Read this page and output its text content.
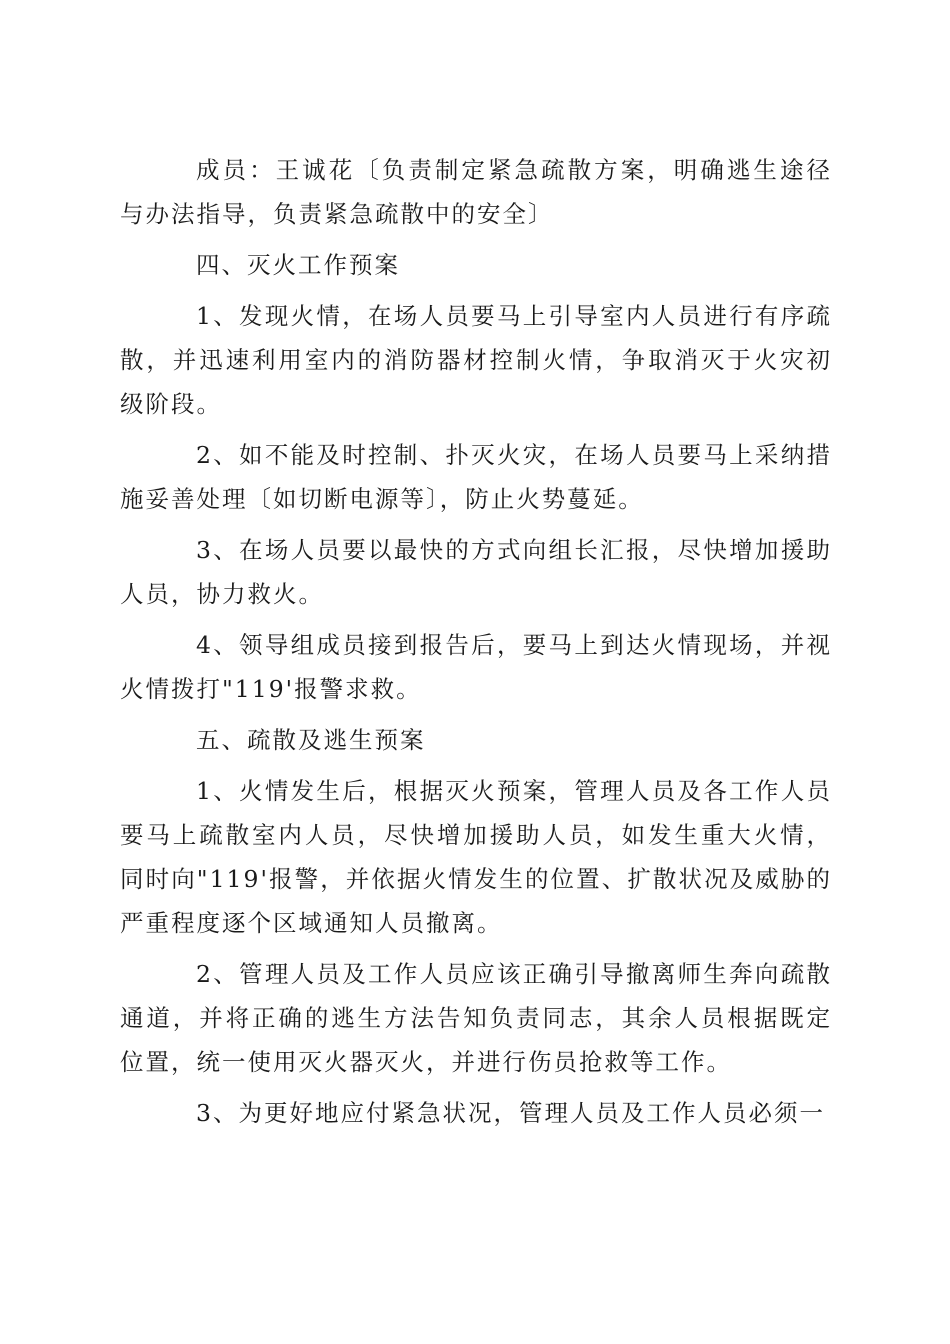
成员：王诚花〔负责制定紧急疏散方案，明确逃生途径与办法指导，负责紧急疏散中的安全〕

四、灭火工作预案

1、发现火情，在场人员要马上引导室内人员进行有序疏散，并迅速利用室内的消防器材控制火情，争取消灭于火灾初级阶段。

2、如不能及时控制、扑灭火灾，在场人员要马上采纳措施妥善处理〔如切断电源等〕，防止火势蔓延。

3、在场人员要以最快的方式向组长汇报，尽快增加援助人员，协力救火。

4、领导组成员接到报告后，要马上到达火情现场，并视火情拨打"119'报警求救。

五、疏散及逃生预案

1、火情发生后，根据灭火预案，管理人员及各工作人员要马上疏散室内人员，尽快增加援助人员，如发生重大火情，同时向"119'报警，并依据火情发生的位置、扩散状况及威胁的严重程度逐个区域通知人员撤离。

2、管理人员及工作人员应该正确引导撤离师生奔向疏散通道，并将正确的逃生方法告知负责同志，其余人员根据既定位置，统一使用灭火器灭火，并进行伤员抢救等工作。

3、为更好地应付紧急状况，管理人员及工作人员必须一
